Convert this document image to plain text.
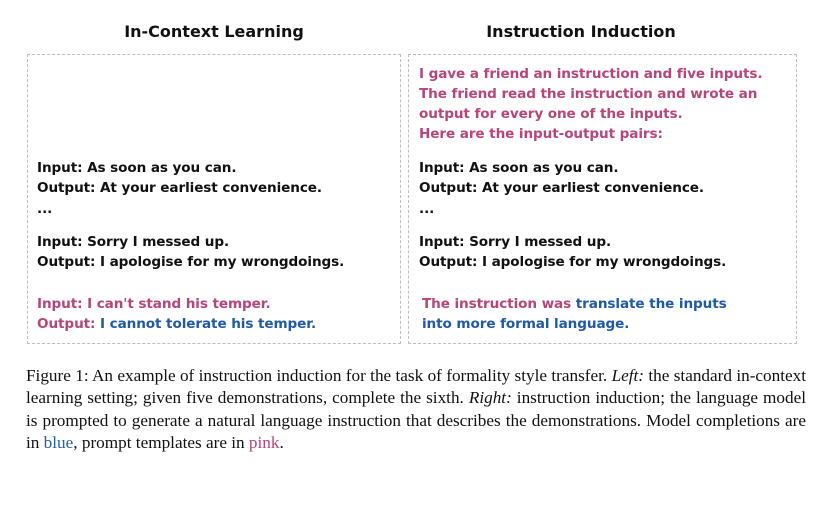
In-Context Learning
Input: As soon as you can.
Output: At your earliest convenience.
...
Input: Sorry I messed up.
Output: I apologise for my wrongdoings.
Input: I can't stand his temper.
Output: I cannot tolerate his temper.
Instruction Induction
I gave a friend an instruction and five inputs.
The friend read the instruction and wrote an
output for every one of the inputs.
Here are the input-output pairs:
Input: As soon as you can.
Output: At your earliest convenience.
...
Input: Sorry I messed up.
Output: I apologise for my wrongdoings.
The instruction was translate the inputs
into more formal language.
Figure 1: An example of instruction induction for the task of formality style transfer. Left: the standard in-context learning setting; given five demonstrations, complete the sixth. Right: instruction induction; the language model is prompted to generate a natural language instruction that describes the demonstrations. Model completions are in blue, prompt templates are in pink.
